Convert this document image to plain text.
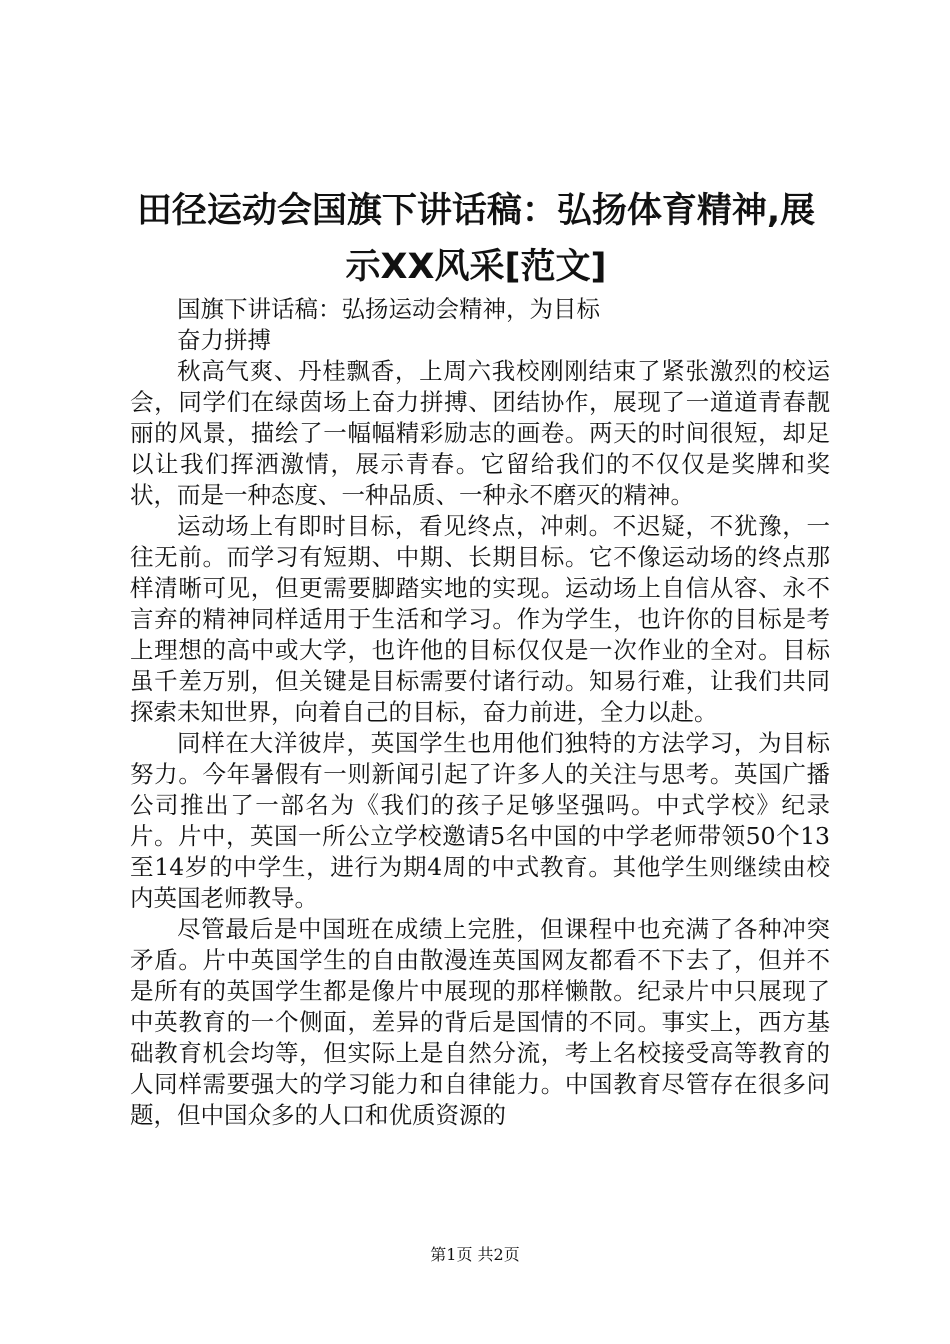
田径运动会国旗下讲话稿：弘扬体育精神,展示XX风采[范文]

国旗下讲话稿：弘扬运动会精神，为目标奋力拼搏

秋高气爽、丹桂飘香，上周六我校刚刚结束了紧张激烈的校运会，同学们在绿茵场上奋力拼搏、团结协作，展现了一道道青春靓丽的风景，描绘了一幅幅精彩励志的画卷。两天的时间很短，却足以让我们挥洒激情，展示青春。它留给我们的不仅仅是奖牌和奖状，而是一种态度、一种品质、一种永不磨灭的精神。

运动场上有即时目标，看见终点，冲刺。不迟疑，不犹豫，一往无前。而学习有短期、中期、长期目标。它不像运动场的终点那样清晰可见，但更需要脚踏实地的实现。运动场上自信从容、永不言弃的精神同样适用于生活和学习。作为学生，也许你的目标是考上理想的高中或大学，也许他的目标仅仅是一次作业的全对。目标虽千差万别，但关键是目标需要付诸行动。知易行难，让我们共同探索未知世界，向着自己的目标，奋力前进，全力以赴。

同样在大洋彼岸，英国学生也用他们独特的方法学习，为目标努力。今年暑假有一则新闻引起了许多人的关注与思考。英国广播公司推出了一部名为《我们的孩子足够坚强吗。中式学校》纪录片。片中，英国一所公立学校邀请5名中国的中学老师带领50个13至14岁的中学生，进行为期4周的中式教育。其他学生则继续由校内英国老师教导。

尽管最后是中国班在成绩上完胜，但课程中也充满了各种冲突矛盾。片中英国学生的自由散漫连英国网友都看不下去了，但并不是所有的英国学生都是像片中展现的那样懒散。纪录片中只展现了中英教育的一个侧面，差异的背后是国情的不同。事实上，西方基础教育机会均等，但实际上是自然分流，考上名校接受高等教育的人同样需要强大的学习能力和自律能力。中国教育尽管存在很多问题，但中国众多的人口和优质资源的

第1页 共2页
